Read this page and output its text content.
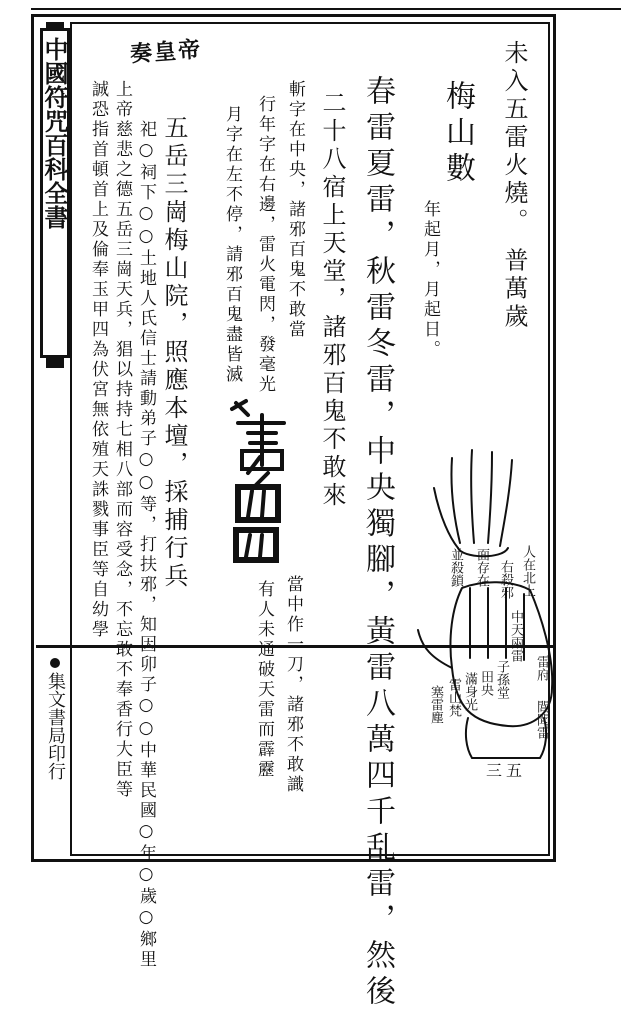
中國符咒百科全書
集文書局印行
奏皇帝	未入五雷火燒。 普萬歲
梅山數
年起月，月起日。
春雷夏雷，秋雷冬雷，中央獨腳，黃雷八萬四千乱雷，然後
二十八宿上天堂，諸邪百鬼不敢來
斬字在中央，諸邪百鬼不敢當
行年字在右邊，雷火電閃，發毫光
月字在左不停，請邪百鬼盡皆滅
五岳三崗梅山院，照應本壇，採捕行兵
祀○祠下○○土地人氏信士請動弟子○○等，打扶邪，知因卯子○○中華民國○年○歲○鄉里
上帝慈悲之德五岳三崗天兵，猖以持持七相八部而容受念，不忘敢不奉香行大臣等
誠恐指首頓首上及倫奉玉甲四為伏宮無依殖天誅戮事臣等自幼學
當中作一刀，諸邪不敢識
有人未通破天雷而霹靂
人在北上
右殺邪
並殺鎖 面存在
中天兩雷
子孫堂
田央
滿身光
雷山梵
塞雷塵
三 五
雷府
閭聞雷
